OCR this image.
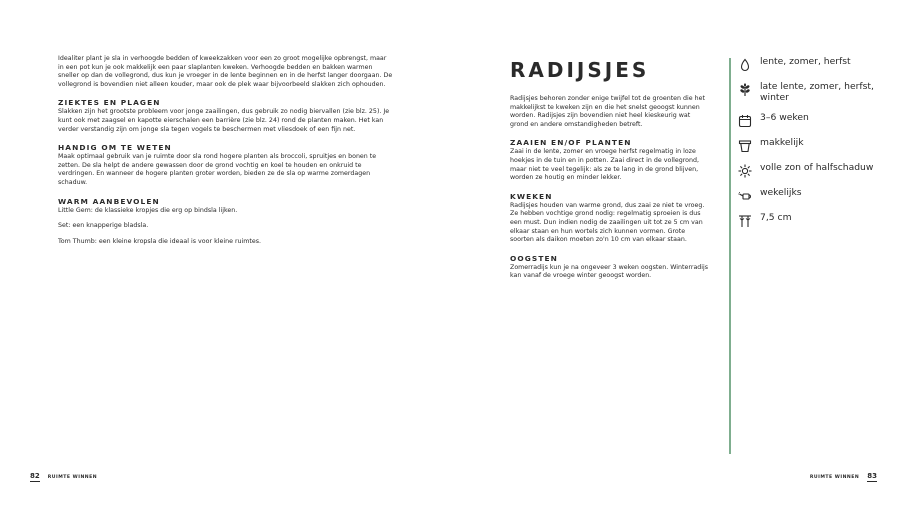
Idealiter plant je sla in verhoogde bedden of kweekzakken voor een zo groot mogelijke opbrengst, maar in een pot kun je ook makkelijk een paar slaplanten kweken. Verhoogde bedden en bakken warmen sneller op dan de vollegrond, dus kun je vroeger in de lente beginnen en in de herfst langer doorgaan. De vollegrond is bovendien niet alleen kouder, maar ook de plek waar bijvoorbeeld slakken zich ophouden.

ZIEKTES EN PLAGEN

Slakken zijn het grootste probleem voor jonge zaailingen, dus gebruik zo nodig biervallen (zie blz. 25). Je kunt ook met zaagsel en kapotte eierschalen een barrière (zie blz. 24) rond de planten maken. Het kan verder verstandig zijn om jonge sla tegen vogels te beschermen met vliesdoek of een fijn net.

HANDIG OM TE WETEN

Maak optimaal gebruik van je ruimte door sla rond hogere planten als broccoli, spruitjes en bonen te zetten. De sla helpt de andere gewassen door de grond vochtig en koel te houden en onkruid te verdringen. En wanneer de hogere planten groter worden, bieden ze de sla op warme zomerdagen schaduw.

WARM AANBEVOLEN

Little Gem: de klassieke kropjes die erg op bindsla lijken.

Set: een knapperige bladsla.

Tom Thumb: een kleine kropsla die ideaal is voor kleine ruimtes.

82 RUIMTE WINNEN
RADIJSJES

Radijsjes behoren zonder enige twijfel tot de groenten die het makkelijkst te kweken zijn en die het snelst geoogst kunnen worden. Radijsjes zijn bovendien niet heel kieskeurig wat grond en andere omstandigheden betreft.

ZAAIEN EN/OF PLANTEN

Zaai in de lente, zomer en vroege herfst regelmatig in loze hoekjes in de tuin en in potten. Zaai direct in de vollegrond, maar niet te veel tegelijk: als ze te lang in de grond blijven, worden ze houtig en minder lekker.

KWEKEN

Radijsjes houden van warme grond, dus zaai ze niet te vroeg. Ze hebben vochtige grond nodig: regelmatig sproeien is dus een must. Dun indien nodig de zaailingen uit tot ze 5 cm van elkaar staan en hun wortels zich kunnen vormen. Grote soorten als daikon moeten zo'n 10 cm van elkaar staan.

OOGSTEN

Zomerradijs kun je na ongeveer 3 weken oogsten. Winterradijs kan vanaf de vroege winter geoogst worden.

lente, zomer, herfst
late lente, zomer, herfst, winter
3–6 weken
makkelijk
volle zon of halfschaduw
wekelijks
7,5 cm
RUIMTE WINNEN 83
